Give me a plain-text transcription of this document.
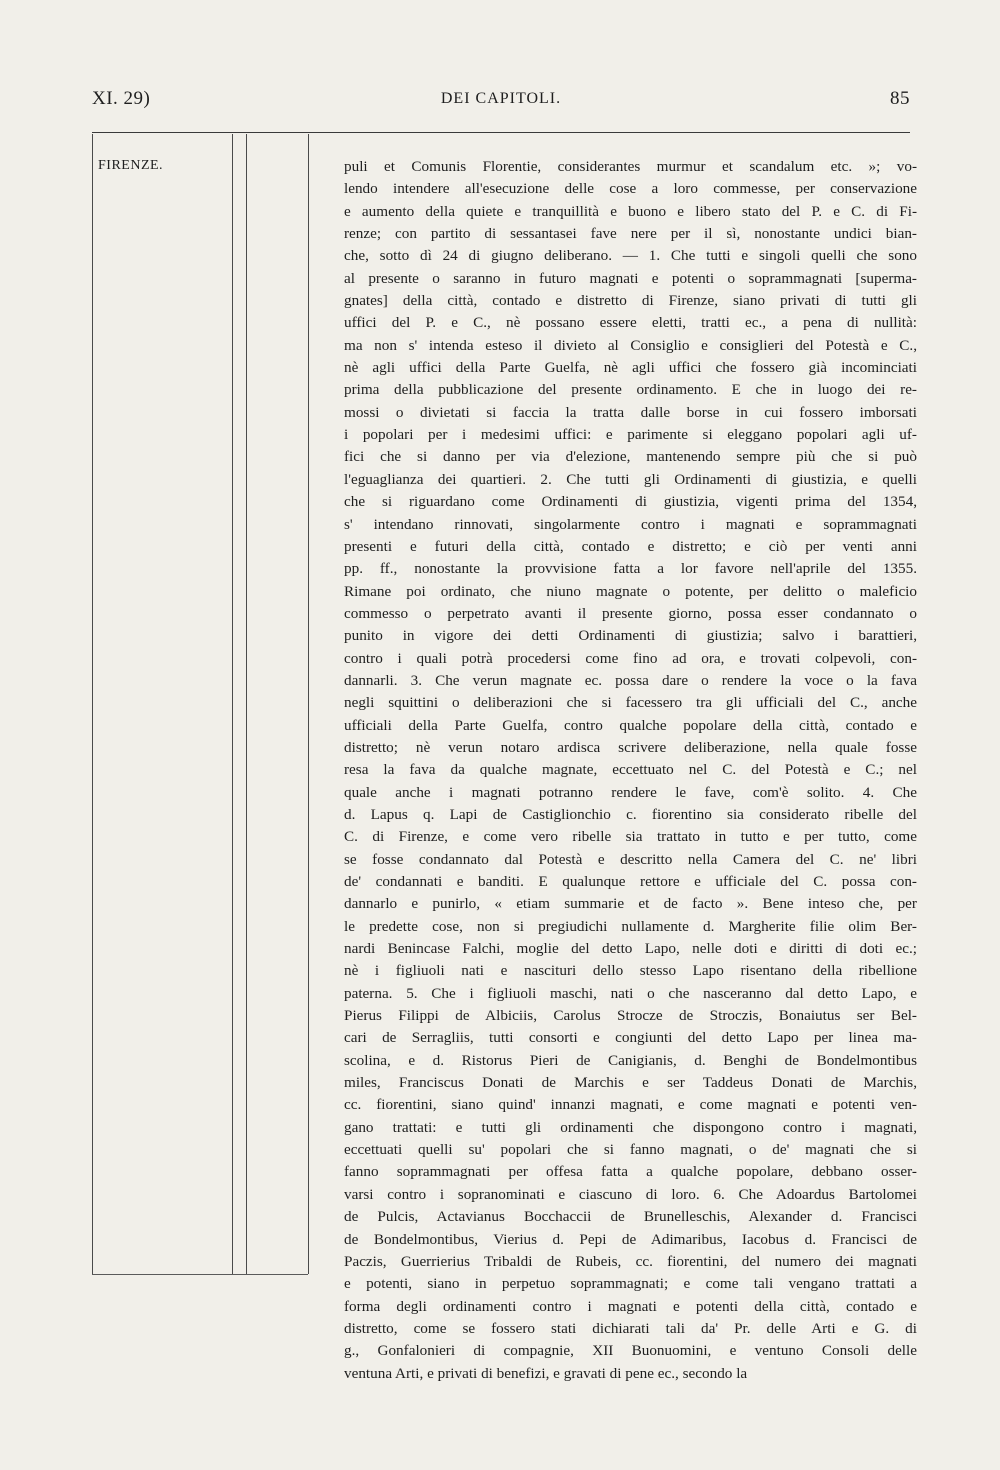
XI. 29)	DEI CAPITOLI.	85
FIRENZE.	puli et Comunis Florentie, considerantes murmur et scandalum etc. »; vo-
lendo intendere all'esecuzione delle cose a loro commesse, per conservazione
e aumento della quiete e tranquillità e buono e libero stato del P. e C. di Fi-
renze; con partito di sessantasei fave nere per il sì, nonostante undici bian-
che, sotto dì 24 di giugno deliberano. — 1. Che tutti e singoli quelli che sono
al presente o saranno in futuro magnati e potenti o soprammagnati [superma-
gnates] della città, contado e distretto di Firenze, siano privati di tutti gli
uffici del P. e C., nè possano essere eletti, tratti ec., a pena di nullità:
ma non s' intenda esteso il divieto al Consiglio e consiglieri del Potestà e C.,
nè agli uffici della Parte Guelfa, nè agli uffici che fossero già incominciati
prima della pubblicazione del presente ordinamento. E che in luogo dei re-
mossi o divietati si faccia la tratta dalle borse in cui fossero imborsati
i popolari per i medesimi uffici: e parimente si eleggano popolari agli uf-
fici che si danno per via d'elezione, mantenendo sempre più che si può
l'eguaglianza dei quartieri. 2. Che tutti gli Ordinamenti di giustizia, e quelli
che si riguardano come Ordinamenti di giustizia, vigenti prima del 1354,
s' intendano rinnovati, singolarmente contro i magnati e soprammagnati
presenti e futuri della città, contado e distretto; e ciò per venti anni
pp. ff., nonostante la provvisione fatta a lor favore nell'aprile del 1355.
Rimane poi ordinato, che niuno magnate o potente, per delitto o maleficio
commesso o perpetrato avanti il presente giorno, possa esser condannato o
punito in vigore dei detti Ordinamenti di giustizia; salvo i barattieri,
contro i quali potrà procedersi come fino ad ora, e trovati colpevoli, con-
dannarli. 3. Che verun magnate ec. possa dare o rendere la voce o la fava
negli squittini o deliberazioni che si facessero tra gli ufficiali del C., anche
ufficiali della Parte Guelfa, contro qualche popolare della città, contado e
distretto; nè verun notaro ardisca scrivere deliberazione, nella quale fosse
resa la fava da qualche magnate, eccettuato nel C. del Potestà e C.; nel
quale anche i magnati potranno rendere le fave, com'è solito. 4. Che
d. Lapus q. Lapi de Castiglionchio c. fiorentino sia considerato ribelle del
C. di Firenze, e come vero ribelle sia trattato in tutto e per tutto, come
se fosse condannato dal Potestà e descritto nella Camera del C. ne' libri
de' condannati e banditi. E qualunque rettore e ufficiale del C. possa con-
dannarlo e punirlo, « etiam summarie et de facto ». Bene inteso che, per
le predette cose, non si pregiudichi nullamente d. Margherite filie olim Ber-
nardi Benincase Falchi, moglie del detto Lapo, nelle doti e diritti di doti ec.;
nè i figliuoli nati e nascituri dello stesso Lapo risentano della ribellione
paterna. 5. Che i figliuoli maschi, nati o che nasceranno dal detto Lapo, e
Pierus Filippi de Albiciis, Carolus Strocze de Stroczis, Bonaiutus ser Bel-
cari de Serragliis, tutti consorti e congiunti del detto Lapo per linea ma-
scolina, e d. Ristorus Pieri de Canigianis, d. Benghi de Bondelmontibus
miles, Franciscus Donati de Marchis e ser Taddeus Donati de Marchis,
cc. fiorentini, siano quind' innanzi magnati, e come magnati e potenti ven-
gano trattati: e tutti gli ordinamenti che dispongono contro i magnati,
eccettuati quelli su' popolari che si fanno magnati, o de' magnati che si
fanno soprammagnati per offesa fatta a qualche popolare, debbano osser-
varsi contro i sopranominati e ciascuno di loro. 6. Che Adoardus Bartolomei
de Pulcis, Actavianus Bocchaccii de Brunelleschis, Alexander d. Francisci
de Bondelmontibus, Vierius d. Pepi de Adimaribus, Iacobus d. Francisci de
Paczis, Guerrierius Tribaldi de Rubeis, cc. fiorentini, del numero dei magnati
e potenti, siano in perpetuo soprammagnati; e come tali vengano trattati a
forma degli ordinamenti contro i magnati e potenti della città, contado e
distretto, come se fossero stati dichiarati tali da' Pr. delle Arti e G. di
g., Gonfalonieri di compagnie, XII Buonuomini, e ventuno Consoli delle
ventuna Arti, e privati di benefizi, e gravati di pene ec., secondo la
